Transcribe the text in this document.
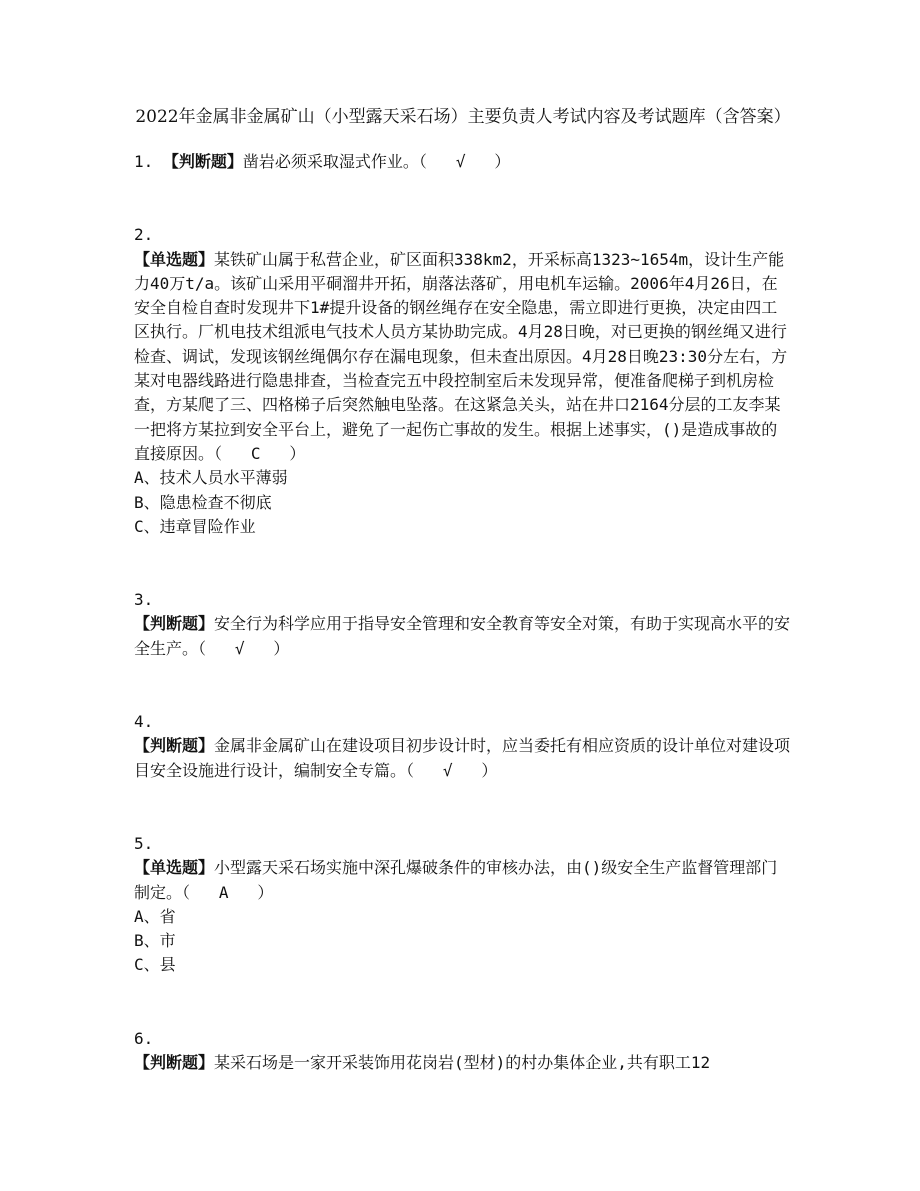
2022年金属非金属矿山（小型露天采石场）主要负责人考试内容及考试题库（含答案）
1. 【判断题】凿岩必须采取湿式作业。（   √   ）
2.
【单选题】某铁矿山属于私营企业，矿区面积338km2，开采标高1323~1654m，设计生产能力40万t/a。该矿山采用平硐溜井开拓，崩落法落矿，用电机车运输。2006年4月26日，在安全自检自查时发现井下1#提升设备的钢丝绳存在安全隐患，需立即进行更换，决定由四工区执行。厂机电技术组派电气技术人员方某协助完成。4月28日晚，对已更换的钢丝绳又进行检查、调试，发现该钢丝绳偶尔存在漏电现象，但未查出原因。4月28日晚23:30分左右，方某对电器线路进行隐患排查，当检查完五中段控制室后未发现异常，便准备爬梯子到机房检查，方某爬了三、四格梯子后突然触电坠落。在这紧急关头，站在井口2164分层的工友李某一把将方某拉到安全平台上，避免了一起伤亡事故的发生。根据上述事实，()是造成事故的直接原因。（   C   ）
A、技术人员水平薄弱
B、隐患检查不彻底
C、违章冒险作业
3.
【判断题】安全行为科学应用于指导安全管理和安全教育等安全对策，有助于实现高水平的安全生产。（   √   ）
4.
【判断题】金属非金属矿山在建设项目初步设计时，应当委托有相应资质的设计单位对建设项目安全设施进行设计，编制安全专篇。（   √   ）
5.
【单选题】小型露天采石场实施中深孔爆破条件的审核办法，由()级安全生产监督管理部门制定。（   A   ）
A、省
B、市
C、县
6.
【判断题】某采石场是一家开采装饰用花岗岩(型材)的村办集体企业,共有职工12
